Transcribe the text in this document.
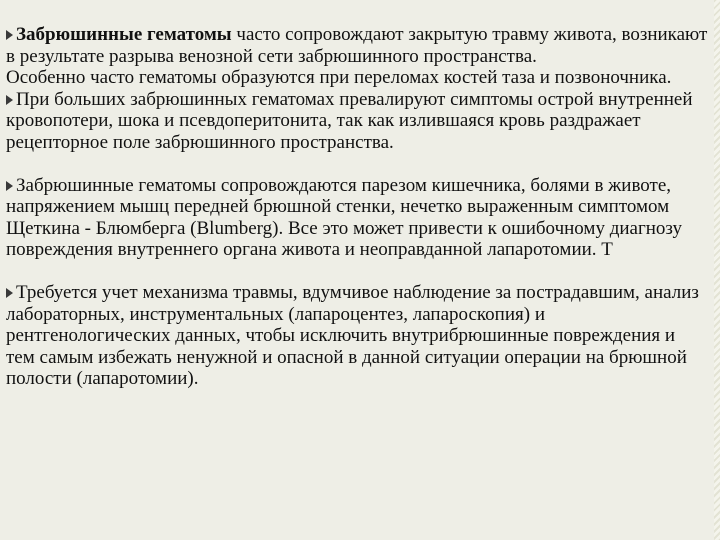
Забрюшинные гематомы часто сопровождают закрытую травму живота, возникают в результате разрыва венозной сети забрюшинного пространства.

Особенно часто гематомы образуются при переломах костей таза и позвоночника.

При больших забрюшинных гематомах превалируют симптомы острой внутренней кровопотери, шока и псевдоперитонита, так как излившаяся кровь раздражает рецепторное поле забрюшинного пространства.

Забрюшинные гематомы сопровождаются парезом кишечника, болями в животе, напряжением мышц передней брюшной стенки, нечетко выраженным симптомом Щеткина - Блюмберга (Blumberg). Все это может привести к ошибочному диагнозу повреждения внутреннего органа живота и неоправданной лапаротомии. Т

Требуется учет механизма травмы, вдумчивое наблюдение за пострадавшим, анализ лабораторных, инструментальных (лапароцентез, лапароскопия) и рентгенологических данных, чтобы исключить внутрибрюшинные повреждения и тем самым избежать ненужной и опасной в данной ситуации операции на брюшной полости (лапаротомии).
